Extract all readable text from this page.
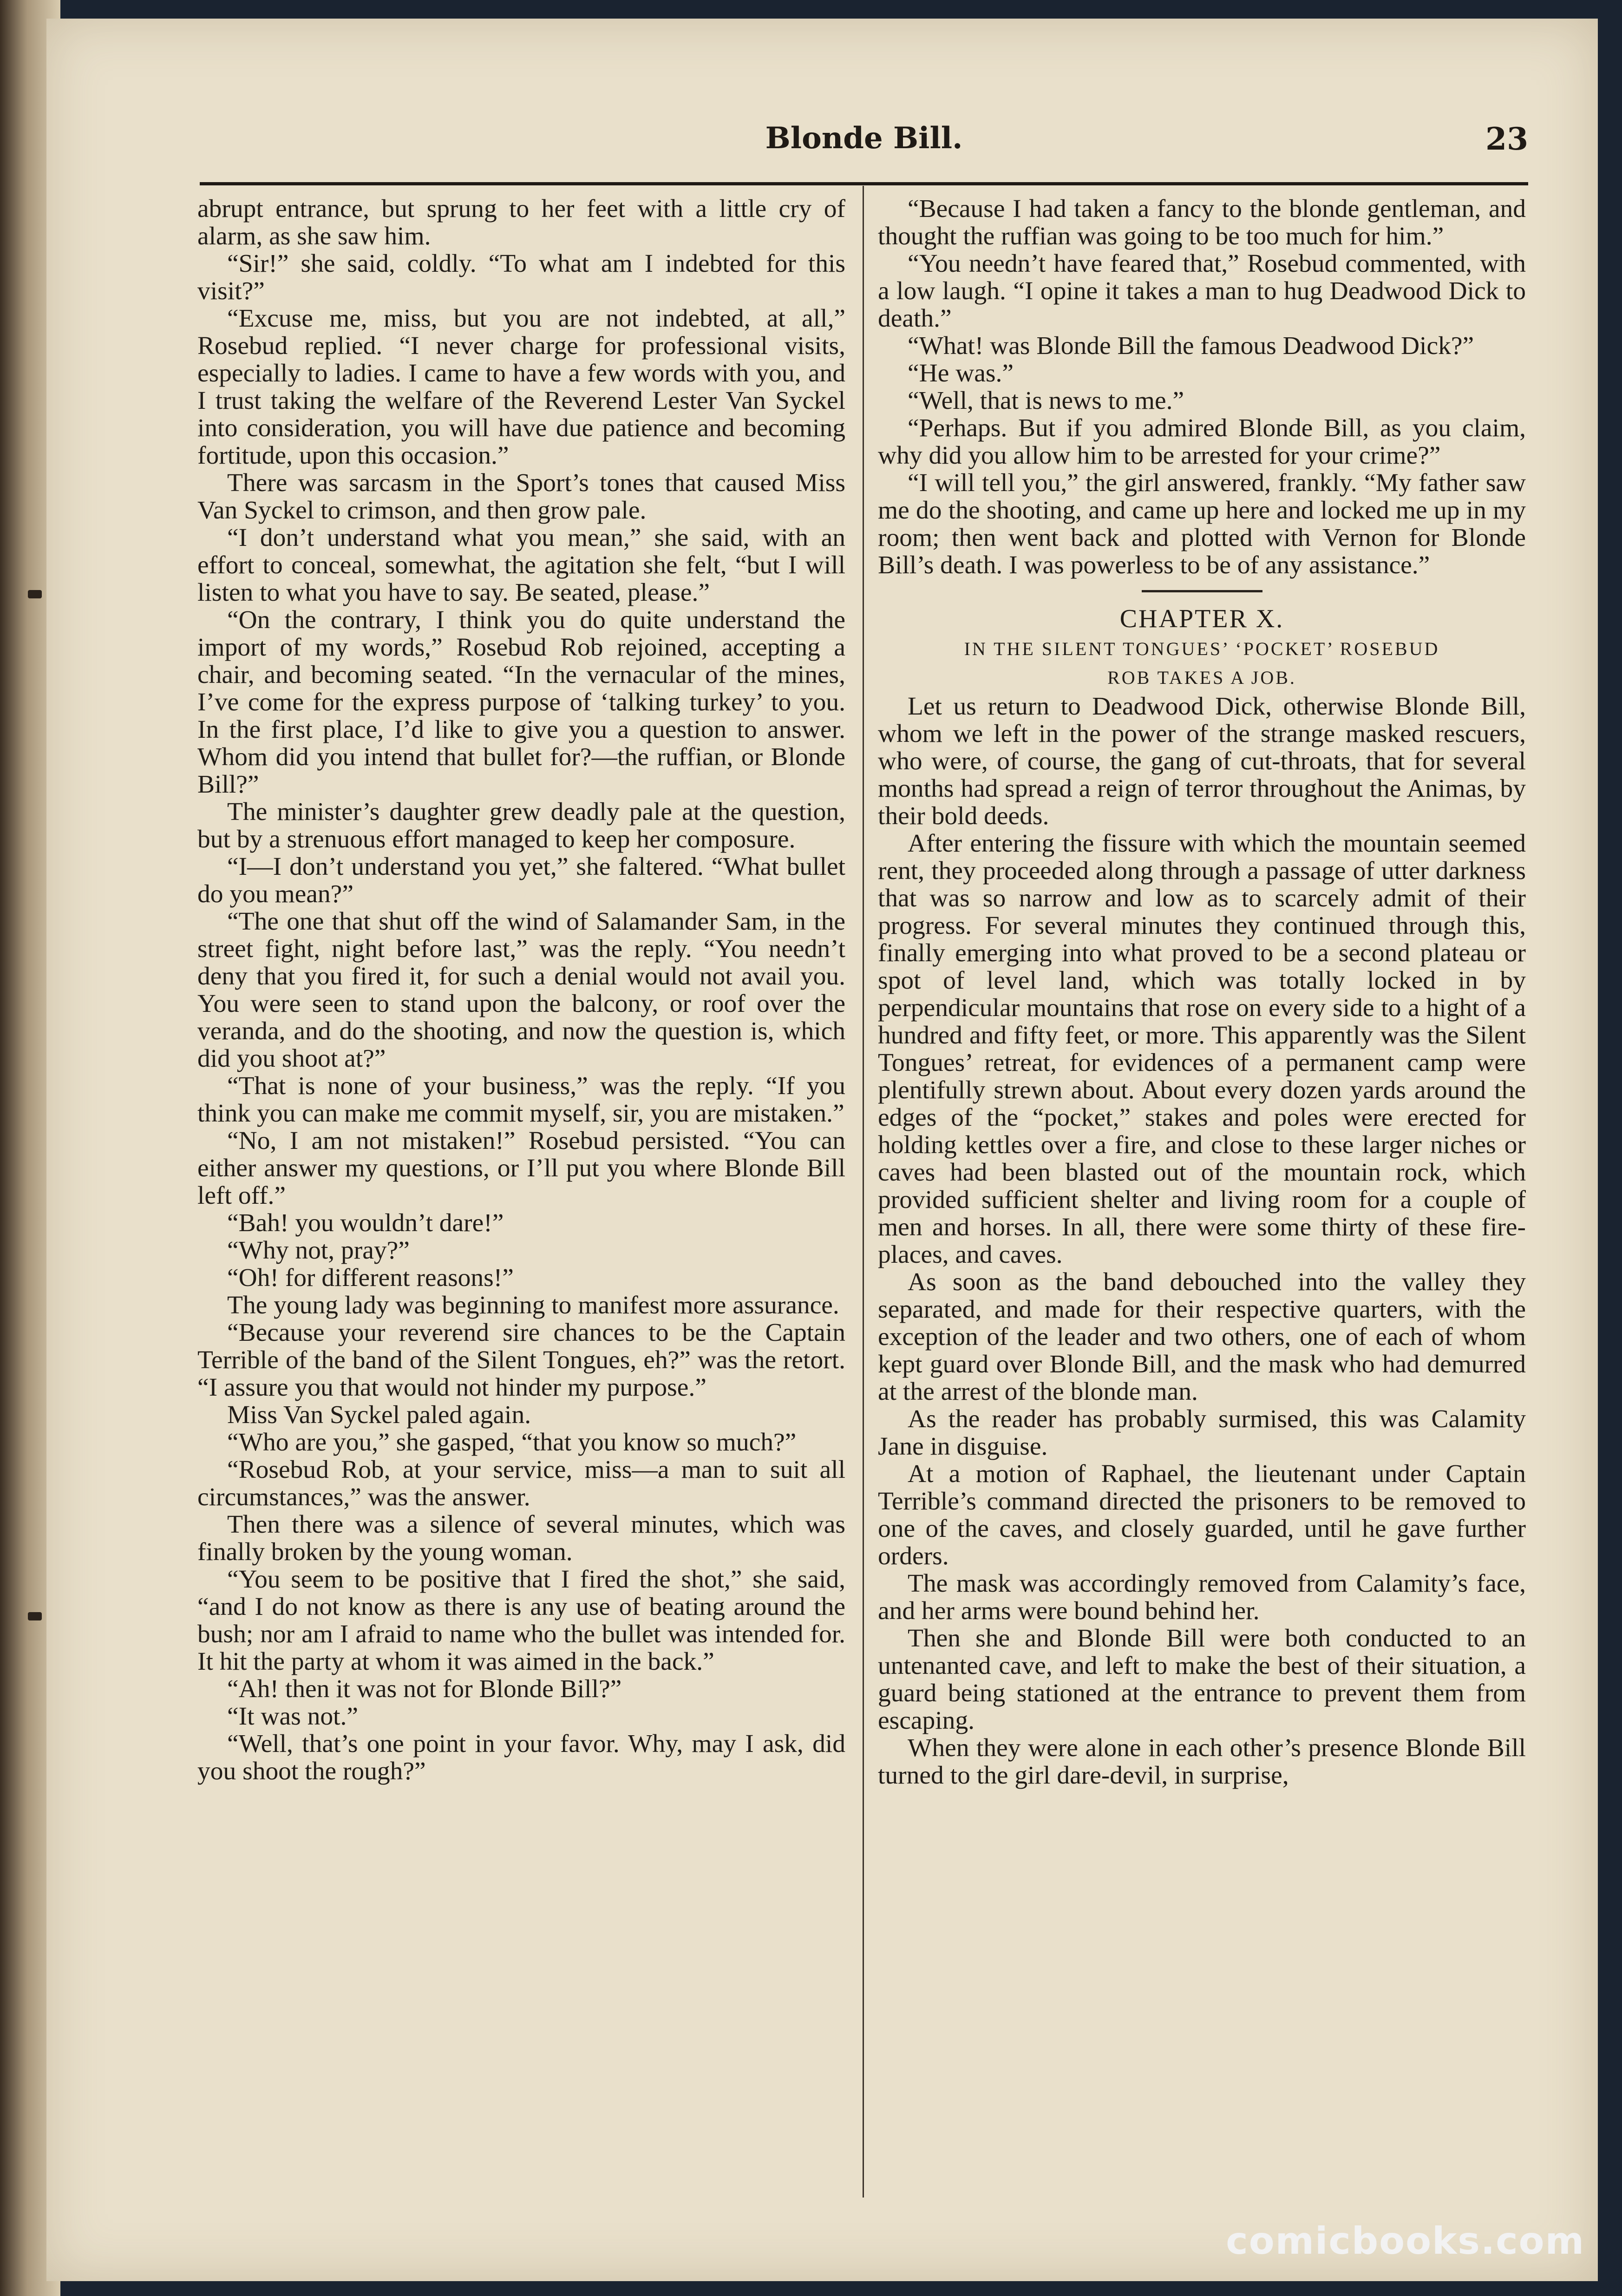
Blonde Bill.	23

abrupt entrance, but sprung to her feet with a little cry of alarm, as she saw him.

“Sir!” she said, coldly. “To what am I indebted for this visit?”

“Excuse me, miss, but you are not indebted, at all,” Rosebud replied. “I never charge for professional visits, especially to ladies. I came to have a few words with you, and I trust taking the welfare of the Reverend Lester Van Syckel into consideration, you will have due patience and becoming fortitude, upon this occasion.”

There was sarcasm in the Sport’s tones that caused Miss Van Syckel to crimson, and then grow pale.

“I don’t understand what you mean,” she said, with an effort to conceal, somewhat, the agitation she felt, “but I will listen to what you have to say. Be seated, please.”

“On the contrary, I think you do quite understand the import of my words,” Rosebud Rob rejoined, accepting a chair, and becoming seated. “In the vernacular of the mines, I’ve come for the express purpose of ‘talking turkey’ to you. In the first place, I’d like to give you a question to answer. Whom did you intend that bullet for?—the ruffian, or Blonde Bill?”

The minister’s daughter grew deadly pale at the question, but by a strenuous effort managed to keep her composure.

“I—I don’t understand you yet,” she faltered. “What bullet do you mean?”

“The one that shut off the wind of Salamander Sam, in the street fight, night before last,” was the reply. “You needn’t deny that you fired it, for such a denial would not avail you. You were seen to stand upon the balcony, or roof over the veranda, and do the shooting, and now the question is, which did you shoot at?”

“That is none of your business,” was the reply. “If you think you can make me commit myself, sir, you are mistaken.”

“No, I am not mistaken!” Rosebud persisted. “You can either answer my questions, or I’ll put you where Blonde Bill left off.”

“Bah! you wouldn’t dare!”

“Why not, pray?”

“Oh! for different reasons!”

The young lady was beginning to manifest more assurance.

“Because your reverend sire chances to be the Captain Terrible of the band of the Silent Tongues, eh?” was the retort. “I assure you that would not hinder my purpose.”

Miss Van Syckel paled again.

“Who are you,” she gasped, “that you know so much?”

“Rosebud Rob, at your service, miss—a man to suit all circumstances,” was the answer.

Then there was a silence of several minutes, which was finally broken by the young woman.

“You seem to be positive that I fired the shot,” she said, “and I do not know as there is any use of beating around the bush; nor am I afraid to name who the bullet was intended for. It hit the party at whom it was aimed in the back.”

“Ah! then it was not for Blonde Bill?”

“It was not.”

“Well, that’s one point in your favor. Why, may I ask, did you shoot the rough?”

“Because I had taken a fancy to the blonde gentleman, and thought the ruffian was going to be too much for him.”

“You needn’t have feared that,” Rosebud commented, with a low laugh. “I opine it takes a man to hug Deadwood Dick to death.”

“What! was Blonde Bill the famous Deadwood Dick?”

“He was.”

“Well, that is news to me.”

“Perhaps. But if you admired Blonde Bill, as you claim, why did you allow him to be arrested for your crime?”

“I will tell you,” the girl answered, frankly. “My father saw me do the shooting, and came up here and locked me up in my room; then went back and plotted with Vernon for Blonde Bill’s death. I was powerless to be of any assistance.”

CHAPTER X.
IN THE SILENT TONGUES’ ‘POCKET’ ROSEBUD
ROB TAKES A JOB.

Let us return to Deadwood Dick, otherwise Blonde Bill, whom we left in the power of the strange masked rescuers, who were, of course, the gang of cut-throats, that for several months had spread a reign of terror throughout the Animas, by their bold deeds.

After entering the fissure with which the mountain seemed rent, they proceeded along through a passage of utter darkness that was so narrow and low as to scarcely admit of their progress. For several minutes they continued through this, finally emerging into what proved to be a second plateau or spot of level land, which was totally locked in by perpendicular mountains that rose on every side to a hight of a hundred and fifty feet, or more. This apparently was the Silent Tongues’ retreat, for evidences of a permanent camp were plentifully strewn about. About every dozen yards around the edges of the “pocket,” stakes and poles were erected for holding kettles over a fire, and close to these larger niches or caves had been blasted out of the mountain rock, which provided sufficient shelter and living room for a couple of men and horses. In all, there were some thirty of these fire-places, and caves.

As soon as the band debouched into the valley they separated, and made for their respective quarters, with the exception of the leader and two others, one of each of whom kept guard over Blonde Bill, and the mask who had demurred at the arrest of the blonde man.

As the reader has probably surmised, this was Calamity Jane in disguise.

At a motion of Raphael, the lieutenant under Captain Terrible’s command directed the prisoners to be removed to one of the caves, and closely guarded, until he gave further orders.

The mask was accordingly removed from Calamity’s face, and her arms were bound behind her.

Then she and Blonde Bill were both conducted to an untenanted cave, and left to make the best of their situation, a guard being stationed at the entrance to prevent them from escaping.

When they were alone in each other’s presence Blonde Bill turned to the girl dare-devil, in surprise,

comicbooks.com
